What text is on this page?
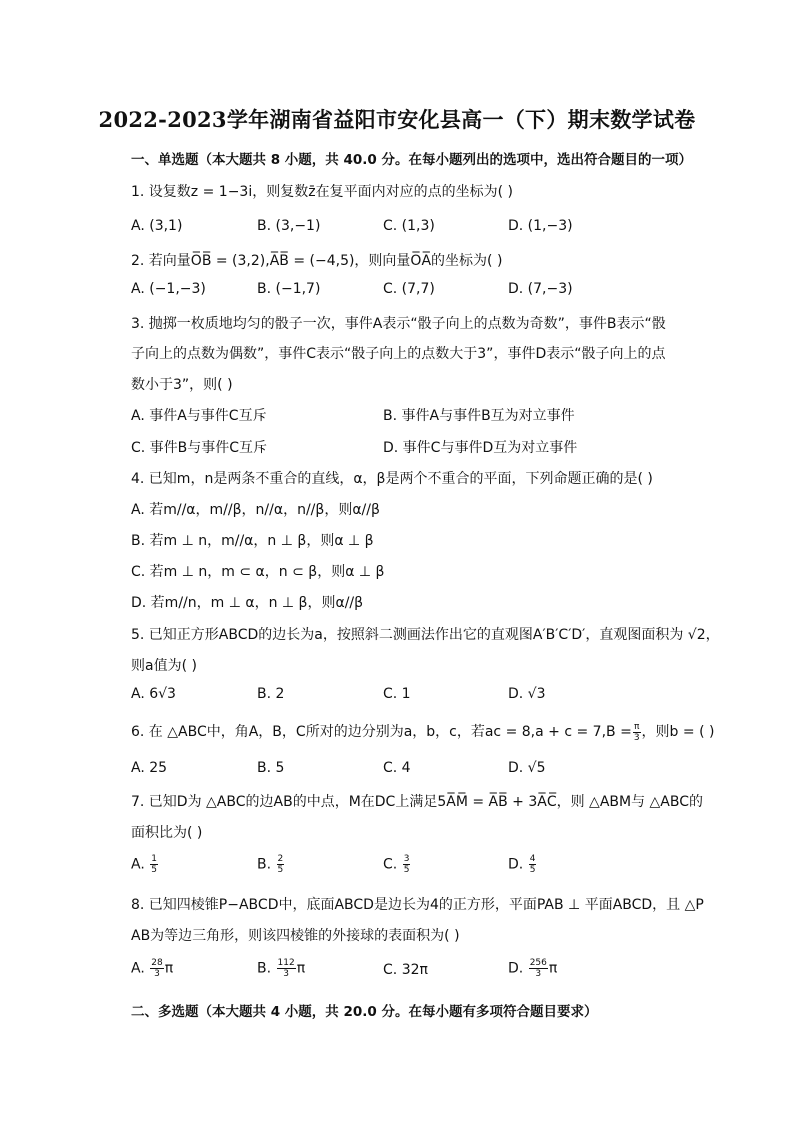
2022-2023学年湖南省益阳市安化县高一（下）期末数学试卷
一、单选题（本大题共 8 小题，共 40.0 分。在每小题列出的选项中，选出符合题目的一项）
1. 设复数z = 1−3i，则复数z̄在复平面内对应的点的坐标为( )
A. (3,1)	B. (3,−1)	C. (1,3)	D. (1,−3)
2. 若向量O̅B̅ = (3,2),A̅B̅ = (−4,5)，则向量O̅A̅的坐标为( )
A. (−1,−3)	B. (−1,7)	C. (7,7)	D. (7,−3)
3. 抛掷一枚质地均匀的骰子一次，事件A表示“骰子向上的点数为奇数”，事件B表示“骰
子向上的点数为偶数”，事件C表示“骰子向上的点数大于3”，事件D表示“骰子向上的点
数小于3”，则( )
A. 事件A与事件C互斥	B. 事件A与事件B互为对立事件
C. 事件B与事件C互斥	D. 事件C与事件D互为对立事件
4. 已知m，n是两条不重合的直线，α，β是两个不重合的平面，下列命题正确的是( )
A. 若m//α，m//β，n//α，n//β，则α//β
B. 若m ⊥ n，m//α，n ⊥ β，则α ⊥ β
C. 若m ⊥ n，m ⊂ α，n ⊂ β，则α ⊥ β
D. 若m//n，m ⊥ α，n ⊥ β，则α//β
5. 已知正方形ABCD的边长为a，按照斜二测画法作出它的直观图A′B′C′D′，直观图面积为 √2，
则a值为( )
A. 6√3	B. 2	C. 1	D. √3
6. 在 △ABC中，角A，B，C所对的边分别为a，b，c，若ac = $8,a + c = 7,B = \frac{\pi}{3}$ ，则b = ( )
A. 25	B. 5	C. 4	D. √5
7. 已知D为 △ABC的边AB的中点，M在DC上满足5A̅M̅ = A̅B̅ + 3A̅C̅，则 △ABM与 △ABC的
面积比为( )
A. $\frac{1}{5}$	B. $\frac{2}{5}$	C. $\frac{3}{5}$	D. $\frac{4}{5}$
8. 已知四棱锥P−ABCD中，底面ABCD是边长为4的正方形，平面PAB ⊥ 平面ABCD，且 △P
AB为等边三角形，则该四棱锥的外接球的表面积为( )
A. $\frac{28}{3}$ π	B. $\frac{112}{3}$ π	C. 32π	D. $\frac{256}{3}$ π
二、多选题（本大题共 4 小题，共 20.0 分。在每小题有多项符合题目要求）
